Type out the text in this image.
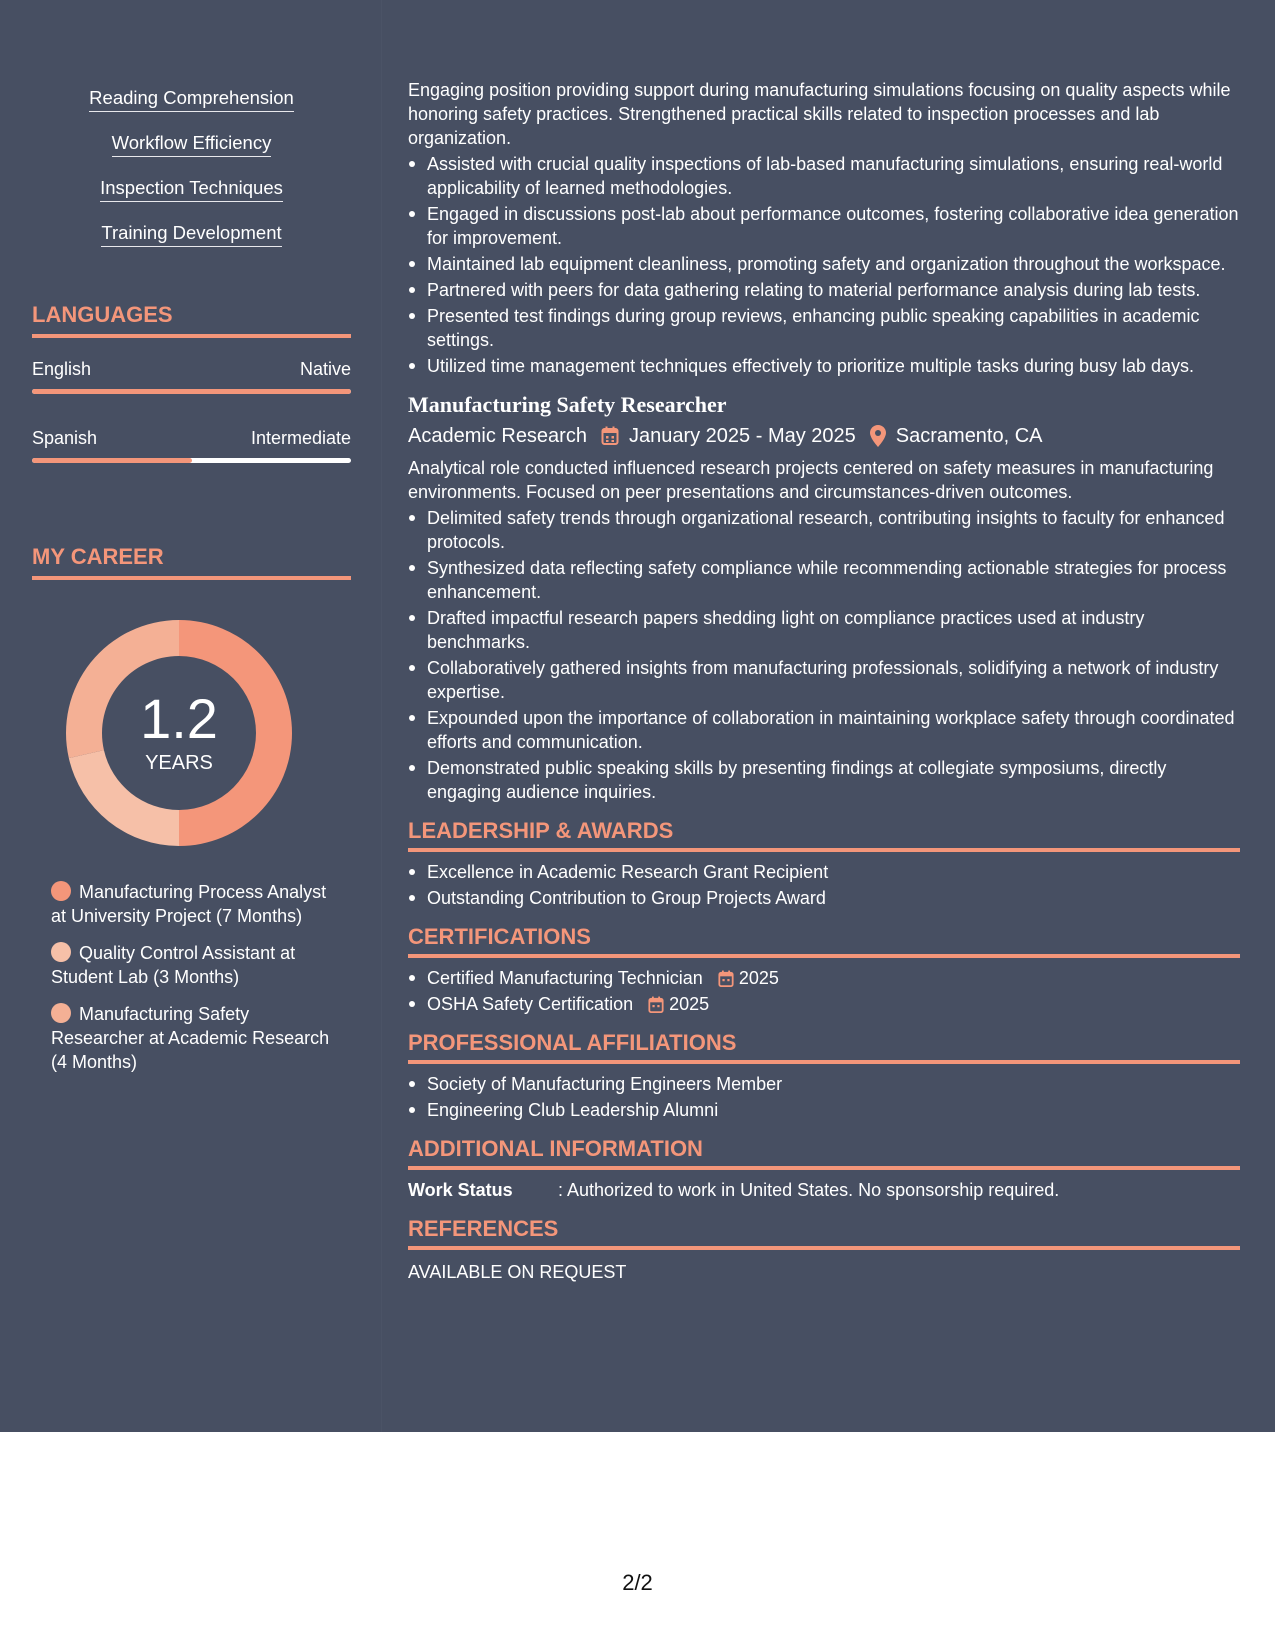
Reading Comprehension
Workflow Efficiency
Inspection Techniques
Training Development
LANGUAGES
English	Native
Spanish	Intermediate
MY CAREER
1.2
YEARS
Manufacturing Process Analyst at University Project (7 Months)
Quality Control Assistant at Student Lab (3 Months)
Manufacturing Safety Researcher at Academic Research (4 Months)

Engaging position providing support during manufacturing simulations focusing on quality aspects while honoring safety practices. Strengthened practical skills related to inspection processes and lab organization.

Assisted with crucial quality inspections of lab-based manufacturing simulations, ensuring real-world applicability of learned methodologies.
Engaged in discussions post-lab about performance outcomes, fostering collaborative idea generation for improvement.
Maintained lab equipment cleanliness, promoting safety and organization throughout the workspace.
Partnered with peers for data gathering relating to material performance analysis during lab tests.
Presented test findings during group reviews, enhancing public speaking capabilities in academic settings.
Utilized time management techniques effectively to prioritize multiple tasks during busy lab days.
Manufacturing Safety Researcher
Academic Research January 2025 - May 2025 Sacramento, CA

Analytical role conducted influenced research projects centered on safety measures in manufacturing environments. Focused on peer presentations and circumstances-driven outcomes.

Delimited safety trends through organizational research, contributing insights to faculty for enhanced protocols.
Synthesized data reflecting safety compliance while recommending actionable strategies for process enhancement.
Drafted impactful research papers shedding light on compliance practices used at industry benchmarks.
Collaboratively gathered insights from manufacturing professionals, solidifying a network of industry expertise.
Expounded upon the importance of collaboration in maintaining workplace safety through coordinated efforts and communication.
Demonstrated public speaking skills by presenting findings at collegiate symposiums, directly engaging audience inquiries.
LEADERSHIP & AWARDS
Excellence in Academic Research Grant Recipient
Outstanding Contribution to Group Projects Award
CERTIFICATIONS
Certified Manufacturing Technician 2025
OSHA Safety Certification 2025
PROFESSIONAL AFFILIATIONS
Society of Manufacturing Engineers Member
Engineering Club Leadership Alumni
ADDITIONAL INFORMATION
Work Status	: Authorized to work in United States. No sponsorship required.
REFERENCES
AVAILABLE ON REQUEST
2/2
